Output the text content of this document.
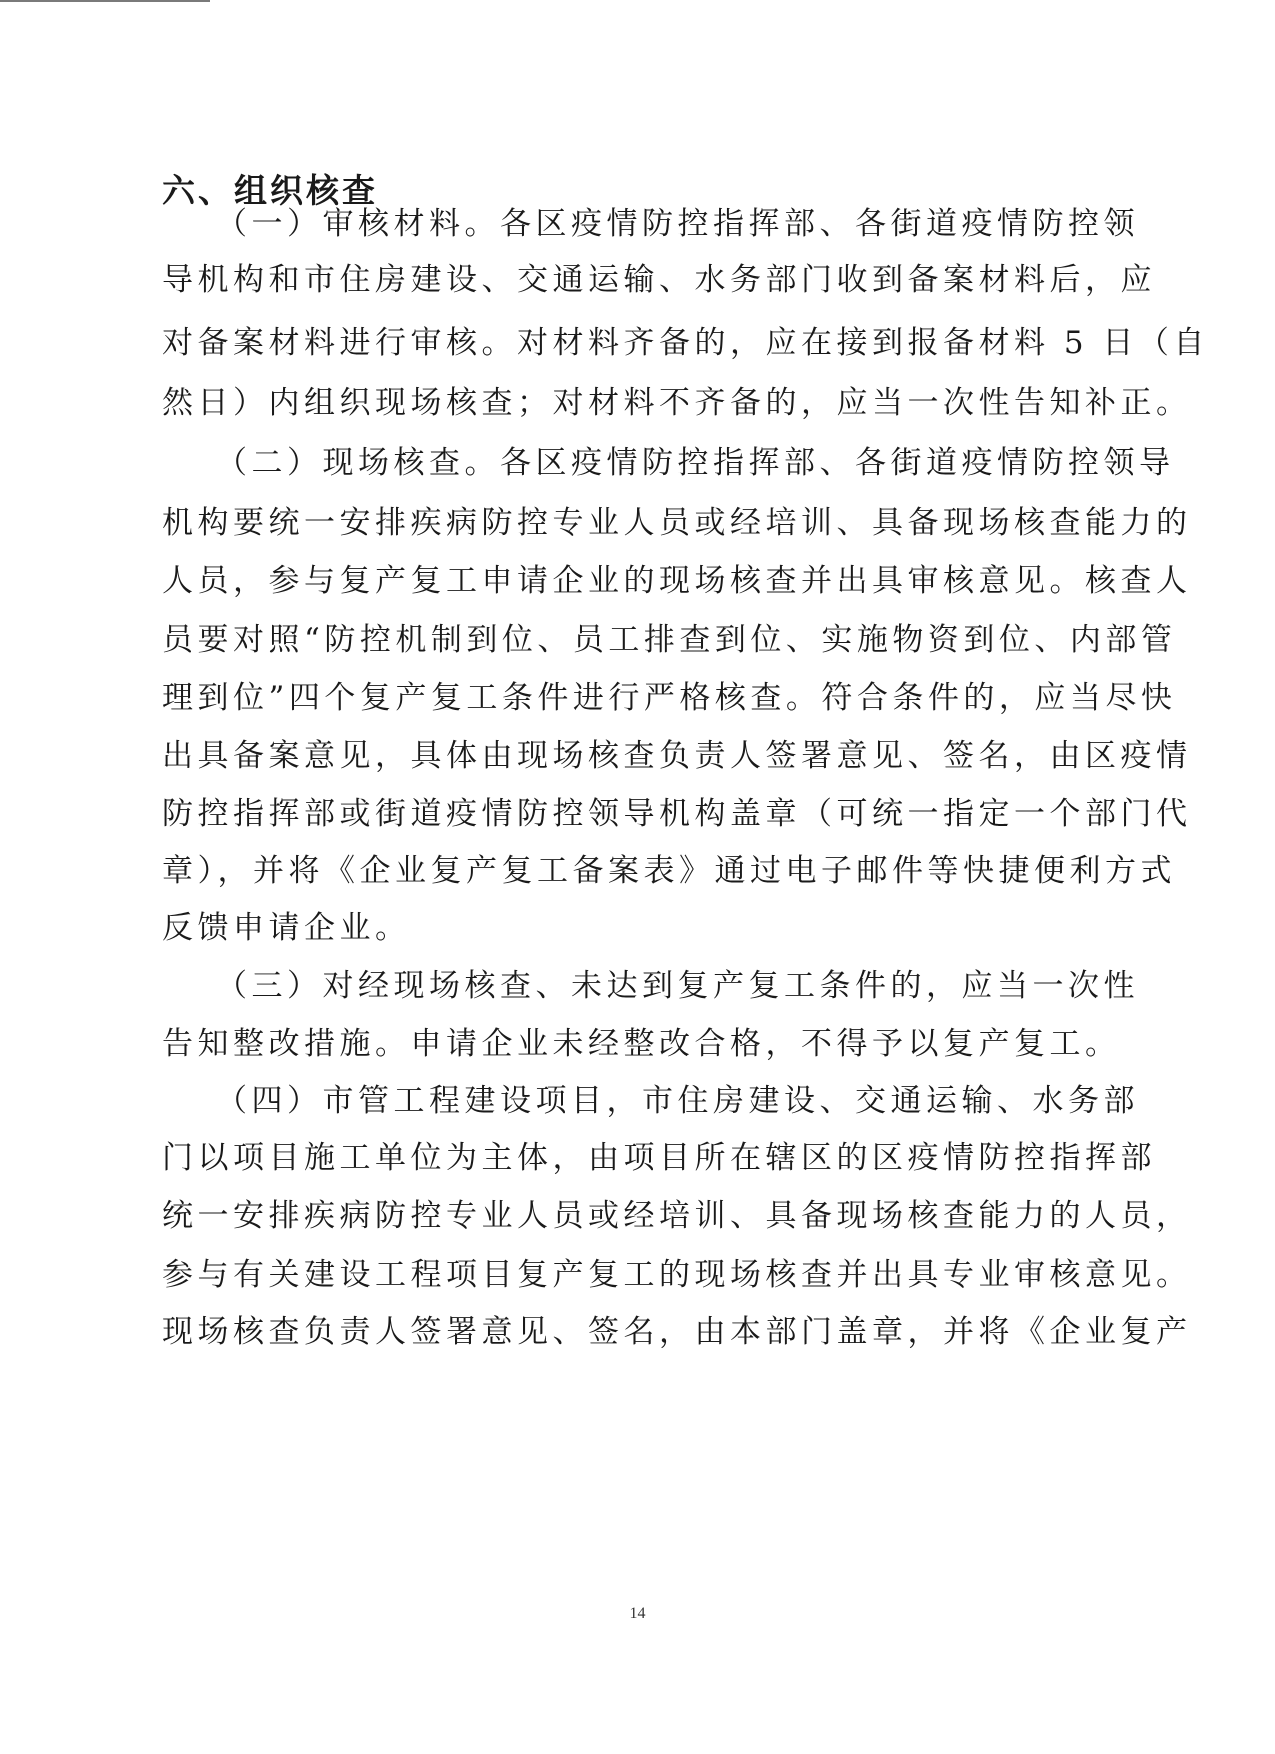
六、组织核查
（一）审核材料。各区疫情防控指挥部、各街道疫情防控领
导机构和市住房建设、交通运输、水务部门收到备案材料后，应
对备案材料进行审核。对材料齐备的，应在接到报备材料 5 日（自
然日）内组织现场核查；对材料不齐备的，应当一次性告知补正。
（二）现场核查。各区疫情防控指挥部、各街道疫情防控领导
机构要统一安排疾病防控专业人员或经培训、具备现场核查能力的
人员，参与复产复工申请企业的现场核查并出具审核意见。核查人
员要对照“防控机制到位、员工排查到位、实施物资到位、内部管
理到位”四个复产复工条件进行严格核查。符合条件的，应当尽快
出具备案意见，具体由现场核查负责人签署意见、签名，由区疫情
防控指挥部或街道疫情防控领导机构盖章（可统一指定一个部门代
章），并将《企业复产复工备案表》通过电子邮件等快捷便利方式
反馈申请企业。
（三）对经现场核查、未达到复产复工条件的，应当一次性
告知整改措施。申请企业未经整改合格，不得予以复产复工。
（四）市管工程建设项目，市住房建设、交通运输、水务部
门以项目施工单位为主体，由项目所在辖区的区疫情防控指挥部
统一安排疾病防控专业人员或经培训、具备现场核查能力的人员，
参与有关建设工程项目复产复工的现场核查并出具专业审核意见。
现场核查负责人签署意见、签名，由本部门盖章，并将《企业复产
14
